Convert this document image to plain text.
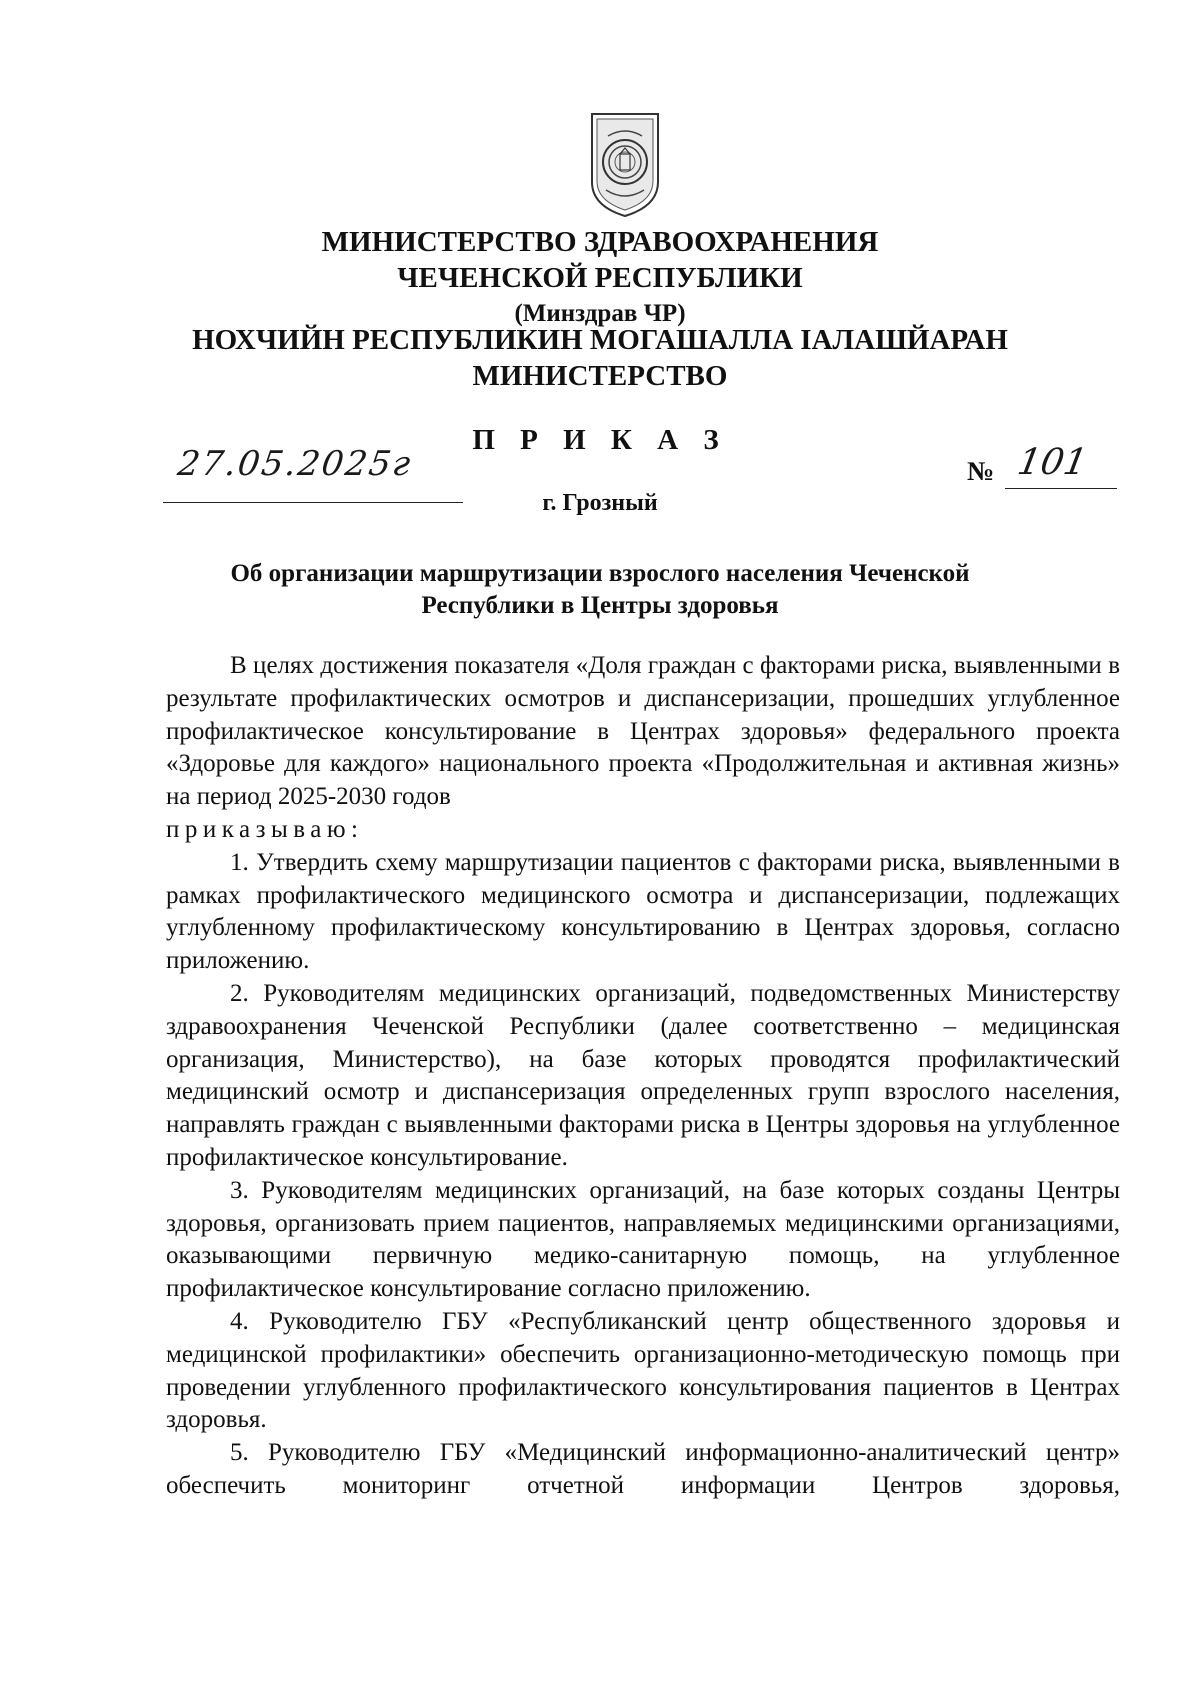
МИНИСТЕРСТВО ЗДРАВООХРАНЕНИЯ
ЧЕЧЕНСКОЙ РЕСПУБЛИКИ
(Минздрав ЧР)
НОХЧИЙН РЕСПУБЛИКИН МОГАШАЛЛА ІАЛАШЙАРАН
МИНИСТЕРСТВО
П Р И К А З
27.05.2025г	№ 101
г. Грозный
Об организации маршрутизации взрослого населения Чеченской
Республики в Центры здоровья

В целях достижения показателя «Доля граждан с факторами риска, выявленными в результате профилактических осмотров и диспансеризации, прошедших углубленное профилактическое консультирование в Центрах здоровья» федерального проекта «Здоровье для каждого» национального проекта «Продолжительная и активная жизнь» на период 2025-2030 годов

приказываю:

1. Утвердить схему маршрутизации пациентов с факторами риска, выявленными в рамках профилактического медицинского осмотра и диспансеризации, подлежащих углубленному профилактическому консультированию в Центрах здоровья, согласно приложению.

2. Руководителям медицинских организаций, подведомственных Министерству здравоохранения Чеченской Республики (далее соответственно – медицинская организация, Министерство), на базе которых проводятся профилактический медицинский осмотр и диспансеризация определенных групп взрослого населения, направлять граждан с выявленными факторами риска в Центры здоровья на углубленное профилактическое консультирование.

3. Руководителям медицинских организаций, на базе которых созданы Центры здоровья, организовать прием пациентов, направляемых медицинскими организациями, оказывающими первичную медико-санитарную помощь, на углубленное профилактическое консультирование согласно приложению.

4. Руководителю ГБУ «Республиканский центр общественного здоровья и медицинской профилактики» обеспечить организационно-методическую помощь при проведении углубленного профилактического консультирования пациентов в Центрах здоровья.

5. Руководителю ГБУ «Медицинский информационно-аналитический центр» обеспечить мониторинг отчетной информации Центров здоровья,
